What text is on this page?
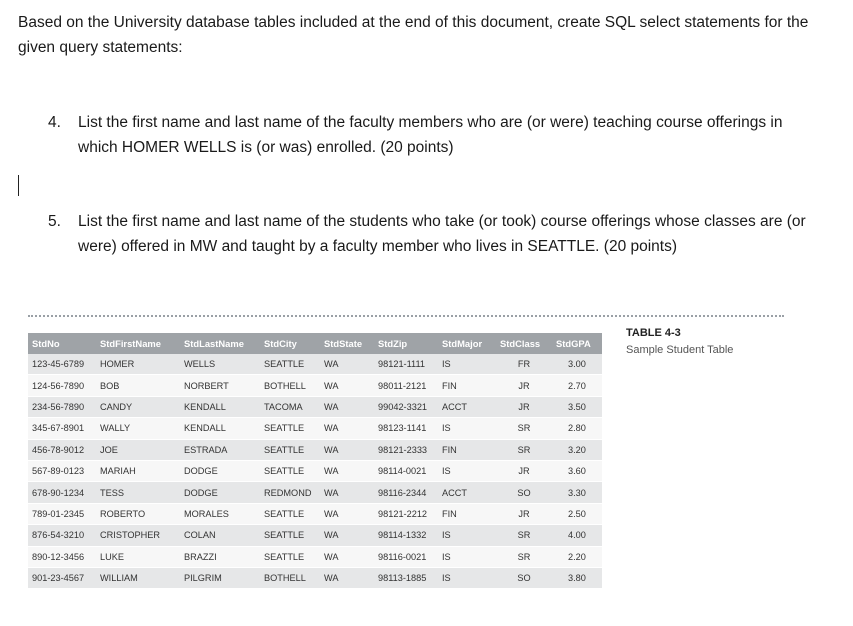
Based on the University database tables included at the end of this document, create SQL select statements for the given query statements:
4. List the first name and last name of the faculty members who are (or were) teaching course offerings in which HOMER WELLS is (or was) enrolled. (20 points)
5. List the first name and last name of the students who take (or took) course offerings whose classes are (or were) offered in MW and taught by a faculty member who lives in SEATTLE. (20 points)
TABLE 4-3
Sample Student Table
StdNo	StdFirstName	StdLastName	StdCity	StdState	StdZip	StdMajor	StdClass	StdGPA
123-45-6789	HOMER	WELLS	SEATTLE	WA	98121-1111	IS	FR	3.00
124-56-7890	BOB	NORBERT	BOTHELL	WA	98011-2121	FIN	JR	2.70
234-56-7890	CANDY	KENDALL	TACOMA	WA	99042-3321	ACCT	JR	3.50
345-67-8901	WALLY	KENDALL	SEATTLE	WA	98123-1141	IS	SR	2.80
456-78-9012	JOE	ESTRADA	SEATTLE	WA	98121-2333	FIN	SR	3.20
567-89-0123	MARIAH	DODGE	SEATTLE	WA	98114-0021	IS	JR	3.60
678-90-1234	TESS	DODGE	REDMOND	WA	98116-2344	ACCT	SO	3.30
789-01-2345	ROBERTO	MORALES	SEATTLE	WA	98121-2212	FIN	JR	2.50
876-54-3210	CRISTOPHER	COLAN	SEATTLE	WA	98114-1332	IS	SR	4.00
890-12-3456	LUKE	BRAZZI	SEATTLE	WA	98116-0021	IS	SR	2.20
901-23-4567	WILLIAM	PILGRIM	BOTHELL	WA	98113-1885	IS	SO	3.80
